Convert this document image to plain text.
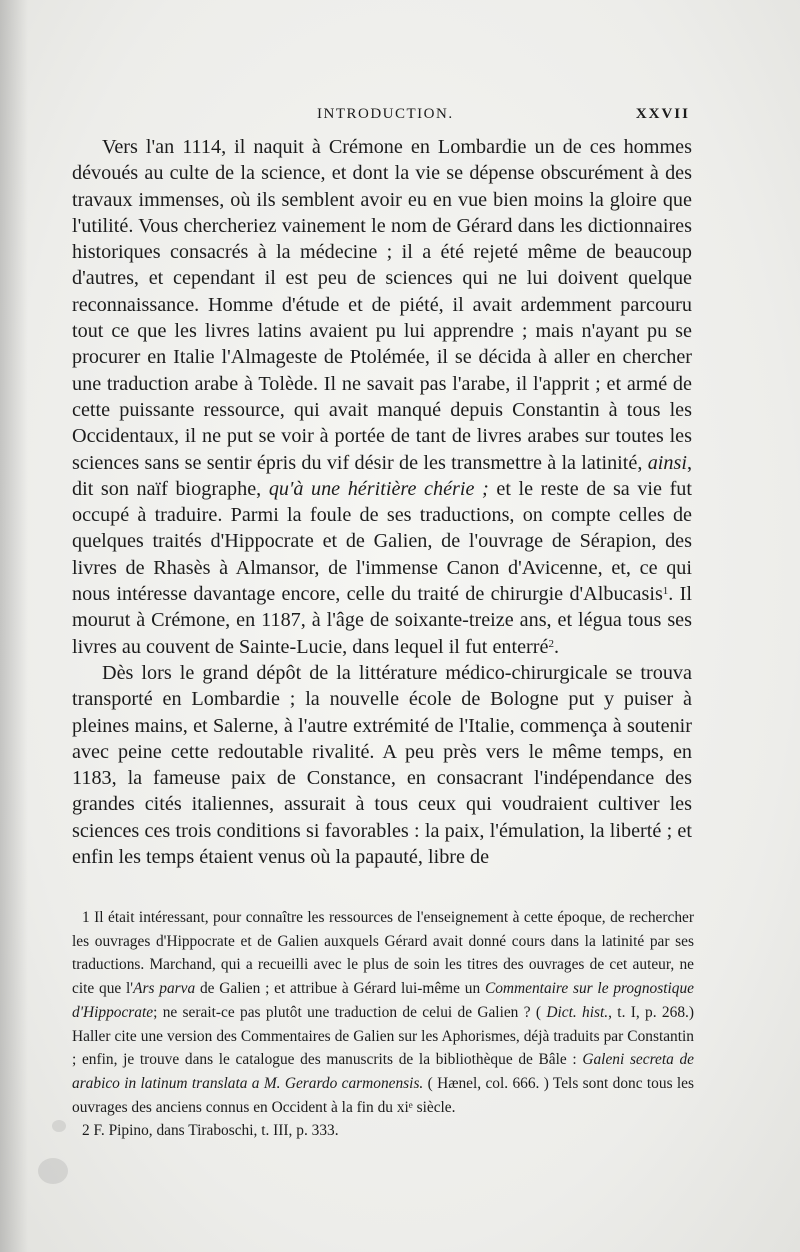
INTRODUCTION.	XXVII

Vers l'an 1114, il naquit à Crémone en Lombardie un de ces hommes dévoués au culte de la science, et dont la vie se dépense obscurément à des travaux immenses, où ils semblent avoir eu en vue bien moins la gloire que l'utilité. Vous chercheriez vainement le nom de Gérard dans les dictionnaires historiques consacrés à la médecine ; il a été rejeté même de beaucoup d'autres, et cependant il est peu de sciences qui ne lui doivent quelque reconnaissance. Homme d'étude et de piété, il avait ardemment parcouru tout ce que les livres latins avaient pu lui apprendre ; mais n'ayant pu se procurer en Italie l'Almageste de Ptolémée, il se décida à aller en chercher une traduction arabe à Tolède. Il ne savait pas l'arabe, il l'apprit ; et armé de cette puissante ressource, qui avait manqué depuis Constantin à tous les Occidentaux, il ne put se voir à portée de tant de livres arabes sur toutes les sciences sans se sentir épris du vif désir de les transmettre à la latinité, ainsi, dit son naïf biographe, qu'à une héritière chérie ; et le reste de sa vie fut occupé à traduire. Parmi la foule de ses traductions, on compte celles de quelques traités d'Hippocrate et de Galien, de l'ouvrage de Sérapion, des livres de Rhasès à Almansor, de l'immense Canon d'Avicenne, et, ce qui nous intéresse davantage encore, celle du traité de chirurgie d'Albucasis$^1$. Il mourut à Crémone, en 1187, à l'âge de soixante-treize ans, et légua tous ses livres au couvent de Sainte-Lucie, dans lequel il fut enterré$^2$.

Dès lors le grand dépôt de la littérature médico-chirurgicale se trouva transporté en Lombardie ; la nouvelle école de Bologne put y puiser à pleines mains, et Salerne, à l'autre extrémité de l'Italie, commença à soutenir avec peine cette redoutable rivalité. A peu près vers le même temps, en 1183, la fameuse paix de Constance, en consacrant l'indépendance des grandes cités italiennes, assurait à tous ceux qui voudraient cultiver les sciences ces trois conditions si favorables : la paix, l'émulation, la liberté ; et enfin les temps étaient venus où la papauté, libre de

1 Il était intéressant, pour connaître les ressources de l'enseignement à cette époque, de rechercher les ouvrages d'Hippocrate et de Galien auxquels Gérard avait donné cours dans la latinité par ses traductions. Marchand, qui a recueilli avec le plus de soin les titres des ouvrages de cet auteur, ne cite que l'Ars parva de Galien ; et attribue à Gérard lui-même un Commentaire sur le prognostique d'Hippocrate; ne serait-ce pas plutôt une traduction de celui de Galien ? ( Dict. hist., t. I, p. 268.) Haller cite une version des Commentaires de Galien sur les Aphorismes, déjà traduits par Constantin ; enfin, je trouve dans le catalogue des manuscrits de la bibliothèque de Bâle : Galeni secreta de arabico in latinum translata a M. Gerardo carmonensis. ( Hænel, col. 666. ) Tels sont donc tous les ouvrages des anciens connus en Occident à la fin du xiᵉ siècle.

2 F. Pipino, dans Tiraboschi, t. III, p. 333.
